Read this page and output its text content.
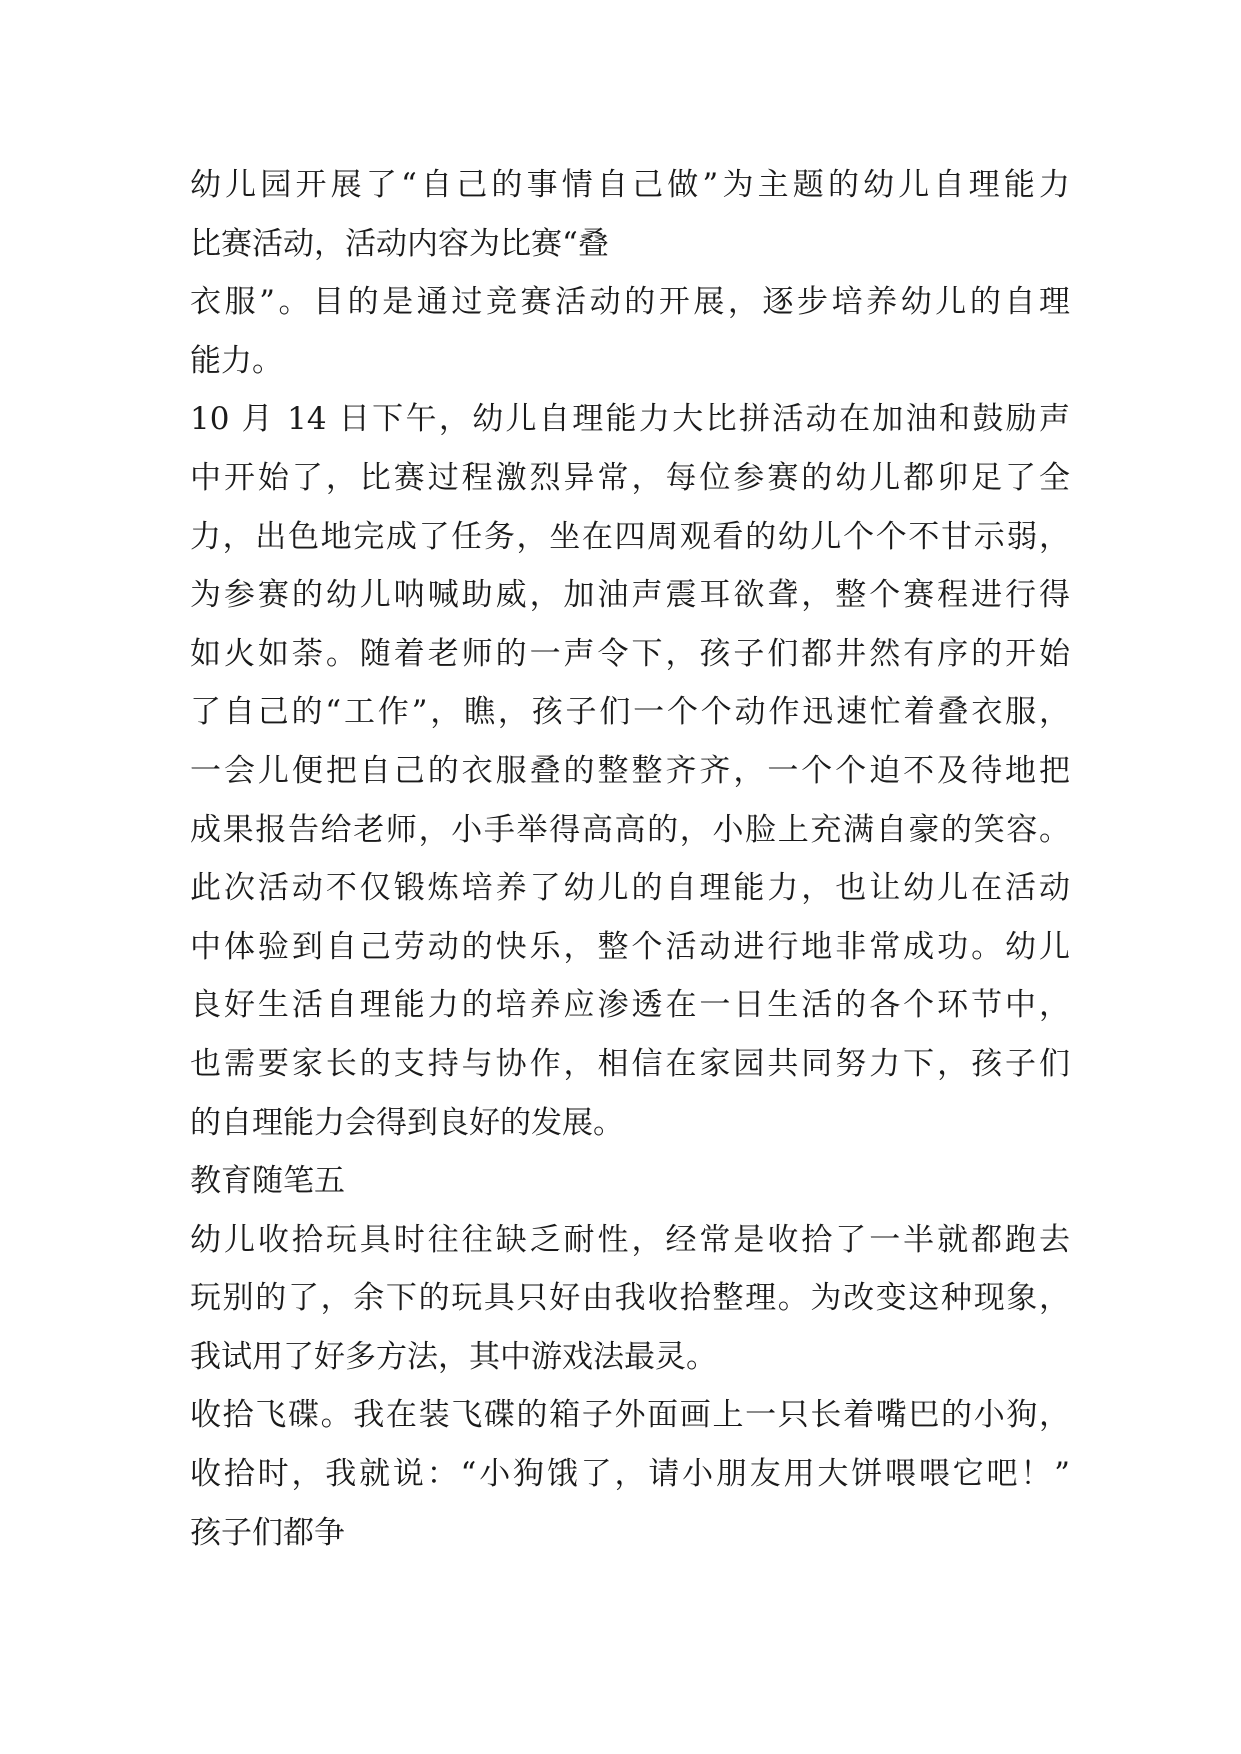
幼儿园开展了“自己的事情自己做”为主题的幼儿自理能力
比赛活动，活动内容为比赛“叠
衣服”。目的是通过竞赛活动的开展，逐步培养幼儿的自理
能力。
10 月 14 日下午，幼儿自理能力大比拼活动在加油和鼓励声
中开始了，比赛过程激烈异常，每位参赛的幼儿都卯足了全
力，出色地完成了任务，坐在四周观看的幼儿个个不甘示弱，
为参赛的幼儿呐喊助威，加油声震耳欲聋，整个赛程进行得
如火如荼。随着老师的一声令下，孩子们都井然有序的开始
了自己的“工作”，瞧，孩子们一个个动作迅速忙着叠衣服，
一会儿便把自己的衣服叠的整整齐齐，一个个迫不及待地把
成果报告给老师，小手举得高高的，小脸上充满自豪的笑容。
此次活动不仅锻炼培养了幼儿的自理能力，也让幼儿在活动
中体验到自己劳动的快乐，整个活动进行地非常成功。幼儿
良好生活自理能力的培养应渗透在一日生活的各个环节中，
也需要家长的支持与协作，相信在家园共同努力下，孩子们
的自理能力会得到良好的发展。
教育随笔五
幼儿收拾玩具时往往缺乏耐性，经常是收拾了一半就都跑去
玩别的了，余下的玩具只好由我收拾整理。为改变这种现象，
我试用了好多方法，其中游戏法最灵。
收拾飞碟。我在装飞碟的箱子外面画上一只长着嘴巴的小狗，
收拾时，我就说：“小狗饿了，请小朋友用大饼喂喂它吧！”
孩子们都争
